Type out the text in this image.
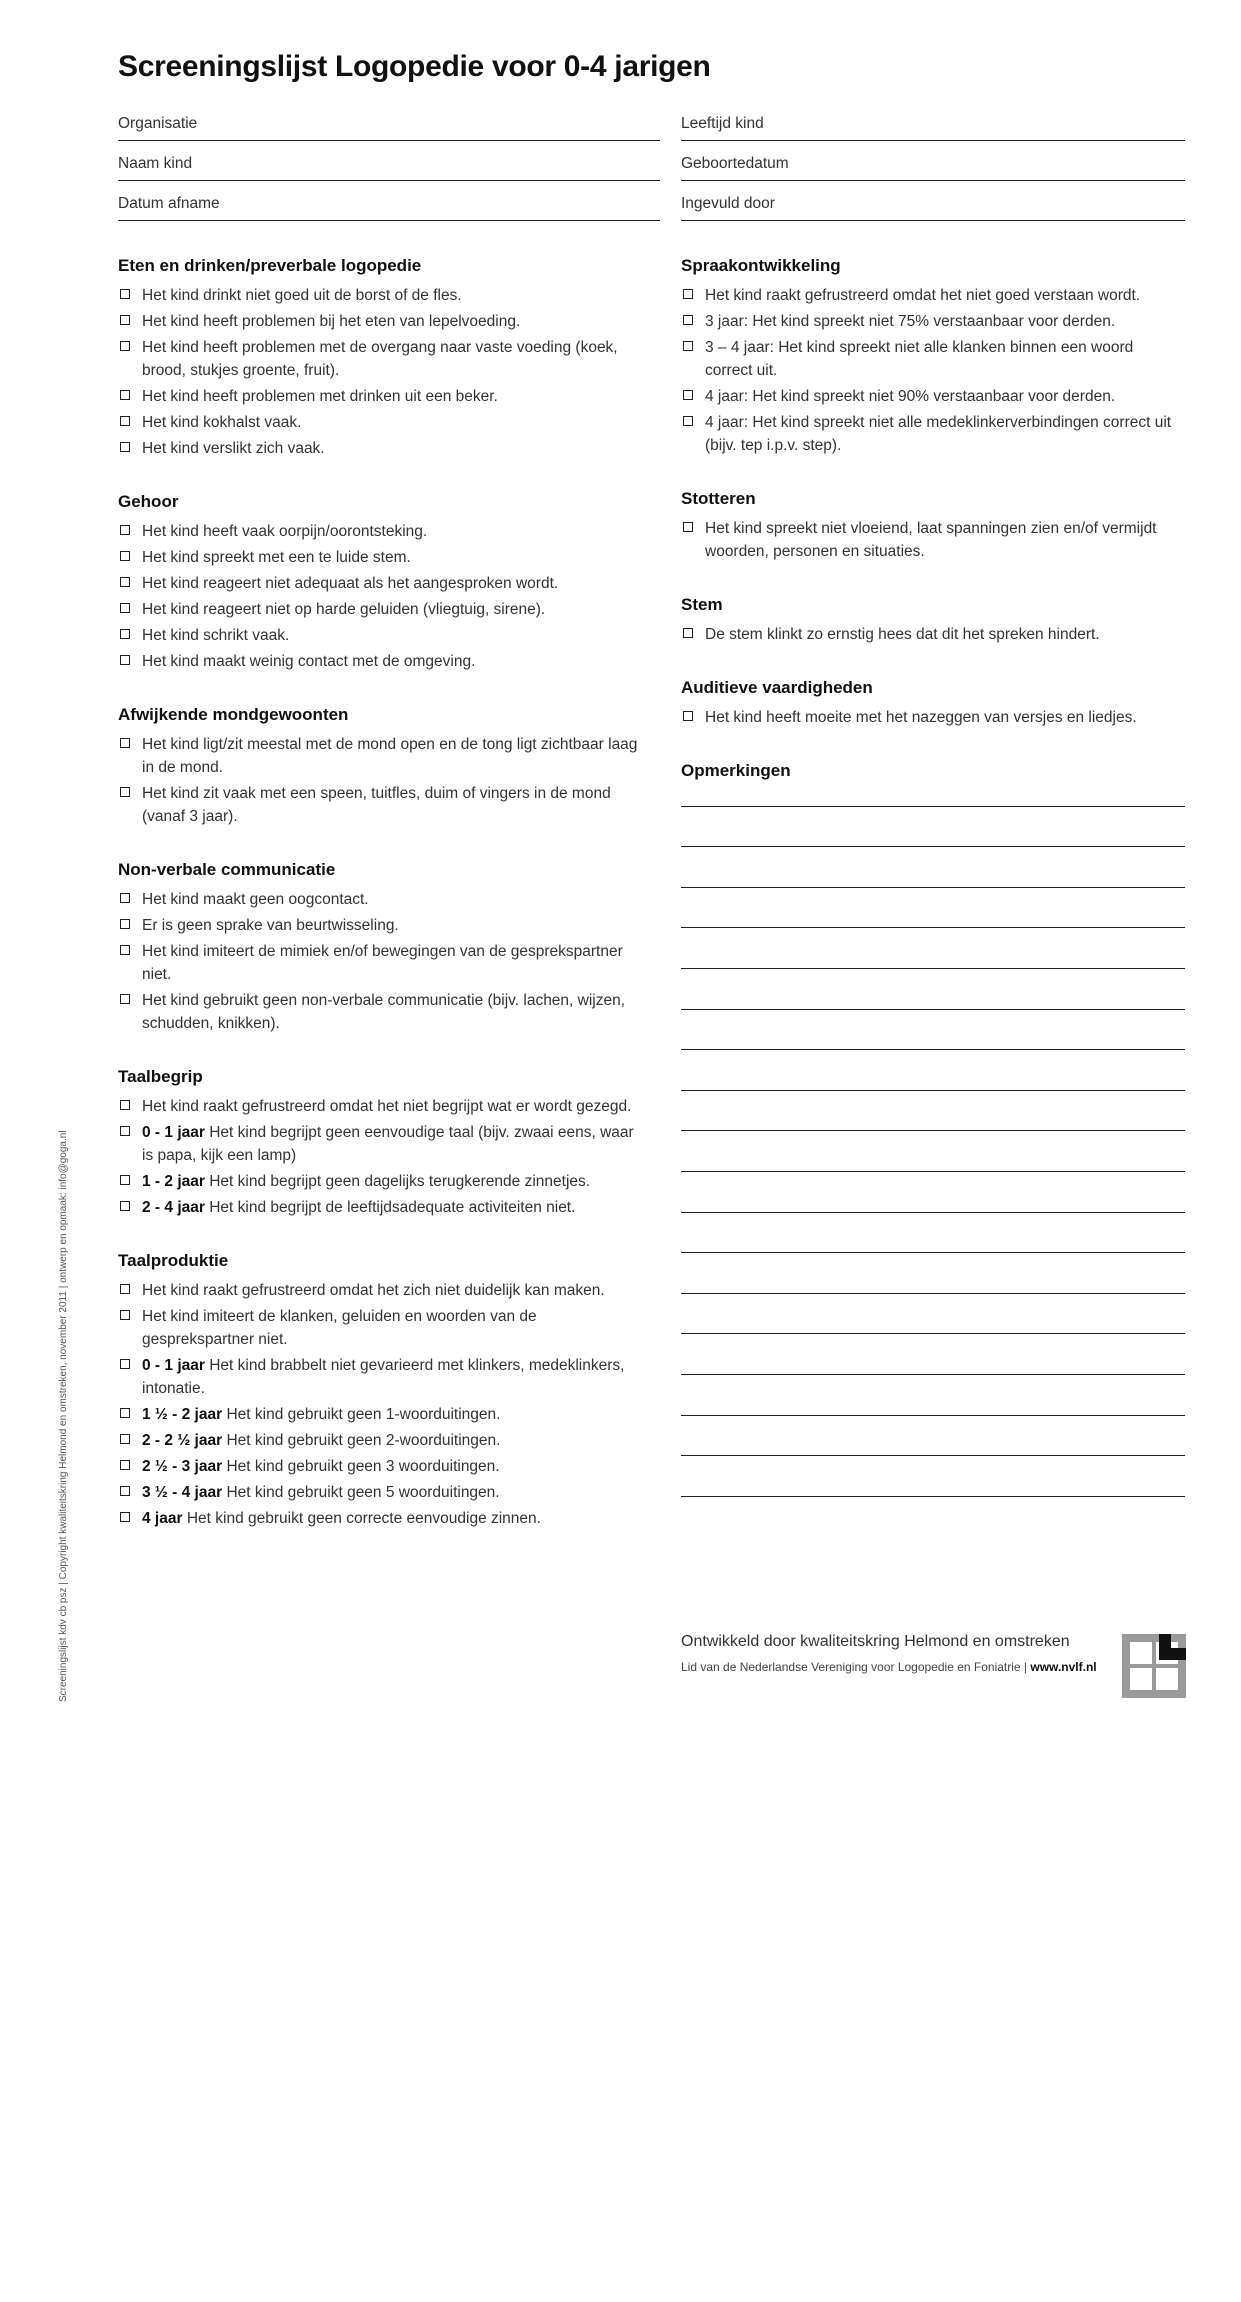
Screeningslijst Logopedie voor 0-4 jarigen
Organisatie	Leeftijd kind
Naam kind	Geboortedatum
Datum afname	Ingevuld door
Eten en drinken/preverbale logopedie
Het kind drinkt niet goed uit de borst of de fles.
Het kind heeft problemen bij het eten van lepelvoeding.
Het kind heeft problemen met de overgang naar vaste voeding (koek, brood, stukjes groente, fruit).
Het kind heeft problemen met drinken uit een beker.
Het kind kokhalst vaak.
Het kind verslikt zich vaak.
Gehoor
Het kind heeft vaak oorpijn/oorontsteking.
Het kind spreekt met een te luide stem.
Het kind reageert niet adequaat als het aangesproken wordt.
Het kind reageert niet op harde geluiden (vliegtuig, sirene).
Het kind schrikt vaak.
Het kind maakt weinig contact met de omgeving.
Afwijkende mondgewoonten
Het kind ligt/zit meestal met de mond open en de tong ligt zichtbaar laag in de mond.
Het kind zit vaak met een speen, tuitfles, duim of vingers in de mond (vanaf 3 jaar).
Non-verbale communicatie
Het kind maakt geen oogcontact.
Er is geen sprake van beurtwisseling.
Het kind imiteert de mimiek en/of bewegingen van de gesprekspartner niet.
Het kind gebruikt geen non-verbale communicatie (bijv. lachen, wijzen, schudden, knikken).
Taalbegrip
Het kind raakt gefrustreerd omdat het niet begrijpt wat er wordt gezegd.
0 - 1 jaar Het kind begrijpt geen eenvoudige taal (bijv. zwaai eens, waar is papa, kijk een lamp)
1 - 2 jaar Het kind begrijpt geen dagelijks terugkerende zinnetjes.
2 - 4 jaar Het kind begrijpt de leeftijdsadequate activiteiten niet.
Taalproduktie
Het kind raakt gefrustreerd omdat het zich niet duidelijk kan maken.
Het kind imiteert de klanken, geluiden en woorden van de gesprekspartner niet.
0 - 1 jaar Het kind brabbelt niet gevarieerd met klinkers, medeklinkers, intonatie.
1 ½ - 2 jaar Het kind gebruikt geen 1-woorduitingen.
2 - 2 ½ jaar Het kind gebruikt geen 2-woorduitingen.
2 ½ - 3 jaar Het kind gebruikt geen 3 woorduitingen.
3 ½ - 4 jaar Het kind gebruikt geen 5 woorduitingen.
4 jaar Het kind gebruikt geen correcte eenvoudige zinnen.
Spraakontwikkeling
Het kind raakt gefrustreerd omdat het niet goed verstaan wordt.
3 jaar: Het kind spreekt niet 75% verstaanbaar voor derden.
3 – 4 jaar: Het kind spreekt niet alle klanken binnen een woord correct uit.
4 jaar: Het kind spreekt niet 90% verstaanbaar voor derden.
4 jaar: Het kind spreekt niet alle medeklinkerverbindingen correct uit (bijv. tep i.p.v. step).
Stotteren
Het kind spreekt niet vloeiend, laat spanningen zien en/of vermijdt woorden, personen en situaties.
Stem
De stem klinkt zo ernstig hees dat dit het spreken hindert.
Auditieve vaardigheden
Het kind heeft moeite met het nazeggen van versjes en liedjes.
Opmerkingen
Screeningslijst kdv cb psz | Copyright kwaliteitskring Helmond en omstreken, november 2011 | ontwerp en opmaak: info@goga.nl	Ontwikkeld door kwaliteitskring Helmond en omstreken
Lid van de Nederlandse Vereniging voor Logopedie en Foniatrie | www.nvlf.nl
